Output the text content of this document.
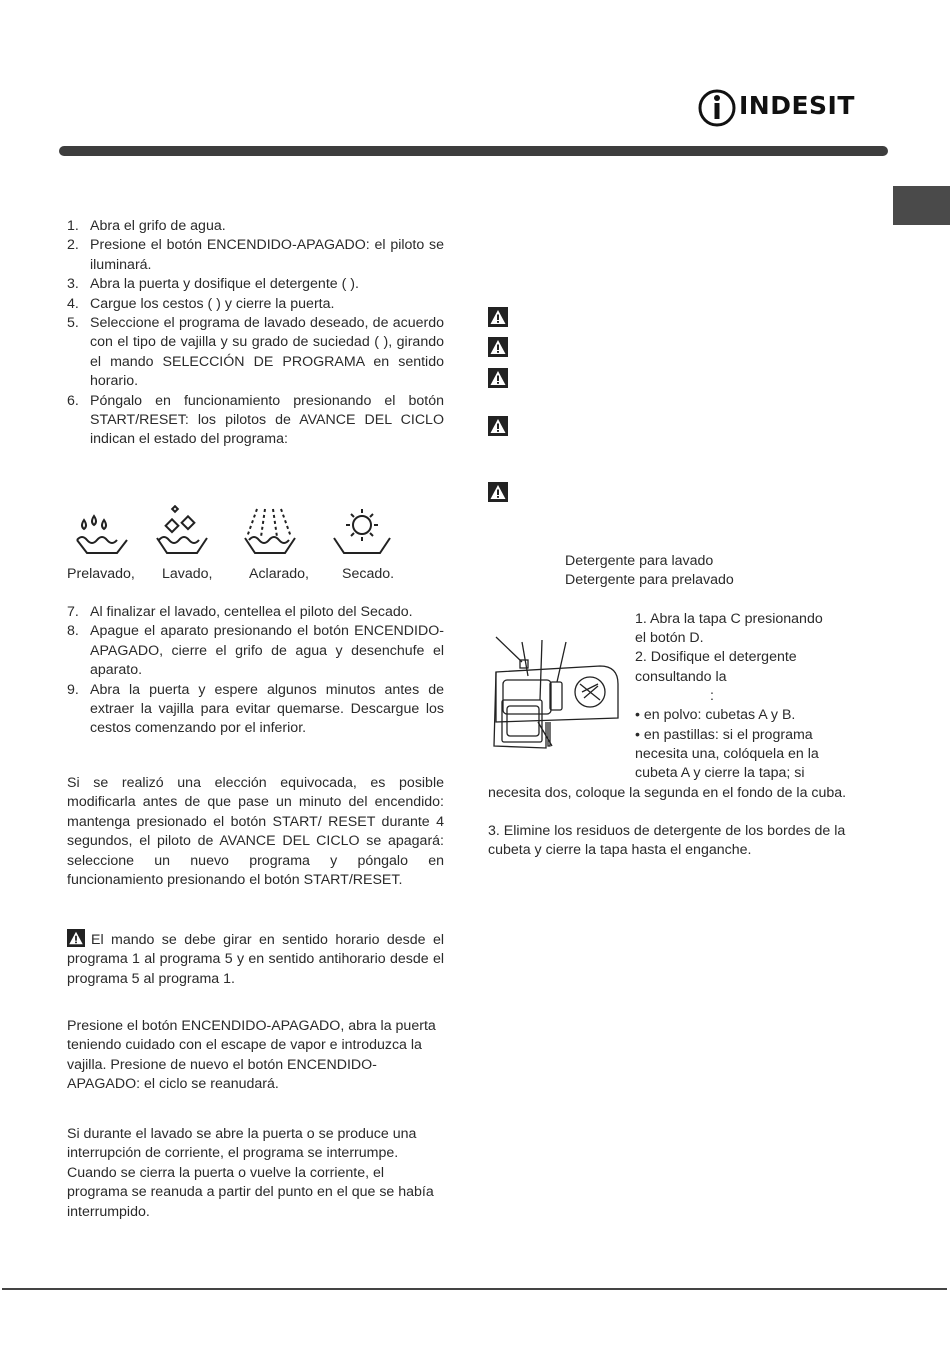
INDESIT
1. Abra el grifo de agua.
2. Presione el botón ENCENDIDO-APAGADO: el piloto se iluminará.
3. Abra la puerta y dosifique el detergente ( ).
4. Cargue los cestos ( ) y cierre la puerta.
5. Seleccione el programa de lavado deseado, de acuerdo con el tipo de vajilla y su grado de suciedad ( ), girando el mando SELECCIÓN DE PROGRAMA en sentido horario.
6. Póngalo en funcionamiento presionando el botón START/RESET: los pilotos de AVANCE DEL CICLO indican el estado del programa:
Prelavado, Lavado,	Aclarado, Secado.
7. Al finalizar el lavado, centellea el piloto del Secado.
8. Apague el aparato presionando el botón ENCENDIDO-APAGADO, cierre el grifo de agua y desenchufe el aparato.
9. Abra la puerta y espere algunos minutos antes de extraer la vajilla para evitar quemarse. Descargue los cestos comenzando por el inferior.
Si se realizó una elección equivocada, es posible modificarla antes de que pase un minuto del encendido: mantenga presionado el botón START/ RESET durante 4 segundos, el piloto de AVANCE DEL CICLO se apagará: seleccione un nuevo programa y póngalo en funcionamiento presionando el botón START/RESET.
El mando se debe girar en sentido horario desde el programa 1 al programa 5 y en sentido antihorario desde el programa 5 al programa 1.
Presione el botón ENCENDIDO-APAGADO, abra la puerta teniendo cuidado con el escape de vapor e introduzca la vajilla. Presione de nuevo el botón ENCENDIDO-APAGADO: el ciclo se reanudará.
Si durante el lavado se abre la puerta o se produce una interrupción de corriente, el programa se interrumpe. Cuando se cierra la puerta o vuelve la corriente, el programa se reanuda a partir del punto en el que se había interrumpido.
Detergente para lavado
Detergente para prelavado
1. Abra la tapa C presionando
el botón D.
2. Dosifique el detergente
consultando la
:
• en polvo: cubetas A y B.
• en pastillas: si el programa
necesita una, colóquela en la
cubeta A y cierre la tapa; si
necesita dos, coloque la segunda en el fondo de la cuba.
3. Elimine los residuos de detergente de los bordes de la cubeta y cierre la tapa hasta el enganche.
